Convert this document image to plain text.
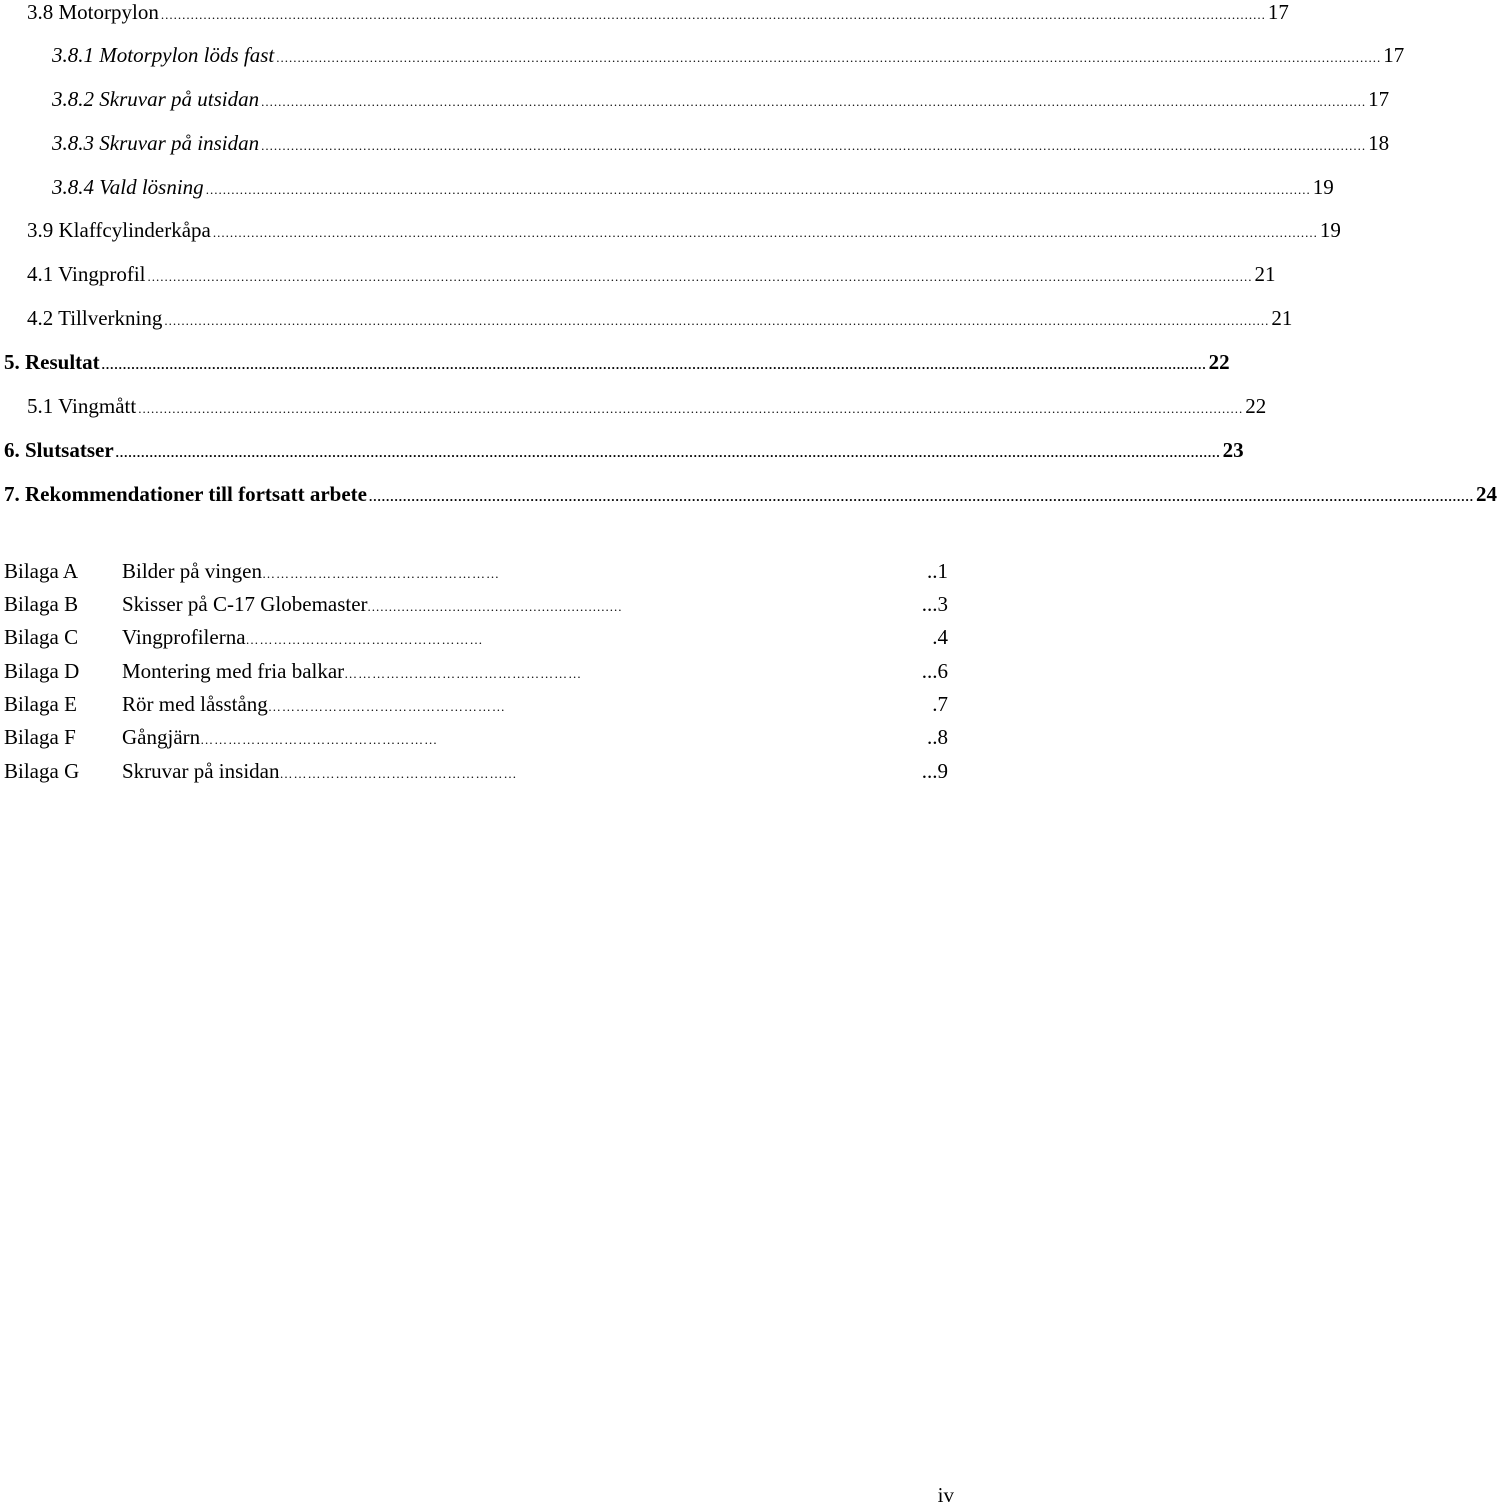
3.8 Motorpylon .................................................................................................................................................................................................................................................................... 17
3.8.1 Motorpylon löds fast .................................................................................................................................................................................................................................................................... 17
3.8.2 Skruvar på utsidan .................................................................................................................................................................................................................................................................... 17
3.8.3 Skruvar på insidan .................................................................................................................................................................................................................................................................... 18
3.8.4 Vald lösning .................................................................................................................................................................................................................................................................... 19
3.9 Klaffcylinderkåpa .................................................................................................................................................................................................................................................................... 19
4.1 Vingprofil .................................................................................................................................................................................................................................................................... 21
4.2 Tillverkning .................................................................................................................................................................................................................................................................... 21
5. Resultat .................................................................................................................................................................................................................................................................... 22
5.1 Vingmått .................................................................................................................................................................................................................................................................... 22
6. Slutsatser .................................................................................................................................................................................................................................................................... 23
7. Rekommendationer till fortsatt arbete .................................................................................................................................................................................................................................................................... 24
Bilaga A	Bilder på vingen ……………………………………………	..1
Bilaga B	Skisser på C-17 Globemaster ............................................................	...3
Bilaga C	Vingprofilerna ……………………………………………	.4
Bilaga D	Montering med fria balkar ……………………………………………	...6
Bilaga E	Rör med låsstång ……………………………………………	.7
Bilaga F	Gångjärn ……………………………………………	..8
Bilaga G	Skruvar på insidan ……………………………………………	...9
iv
